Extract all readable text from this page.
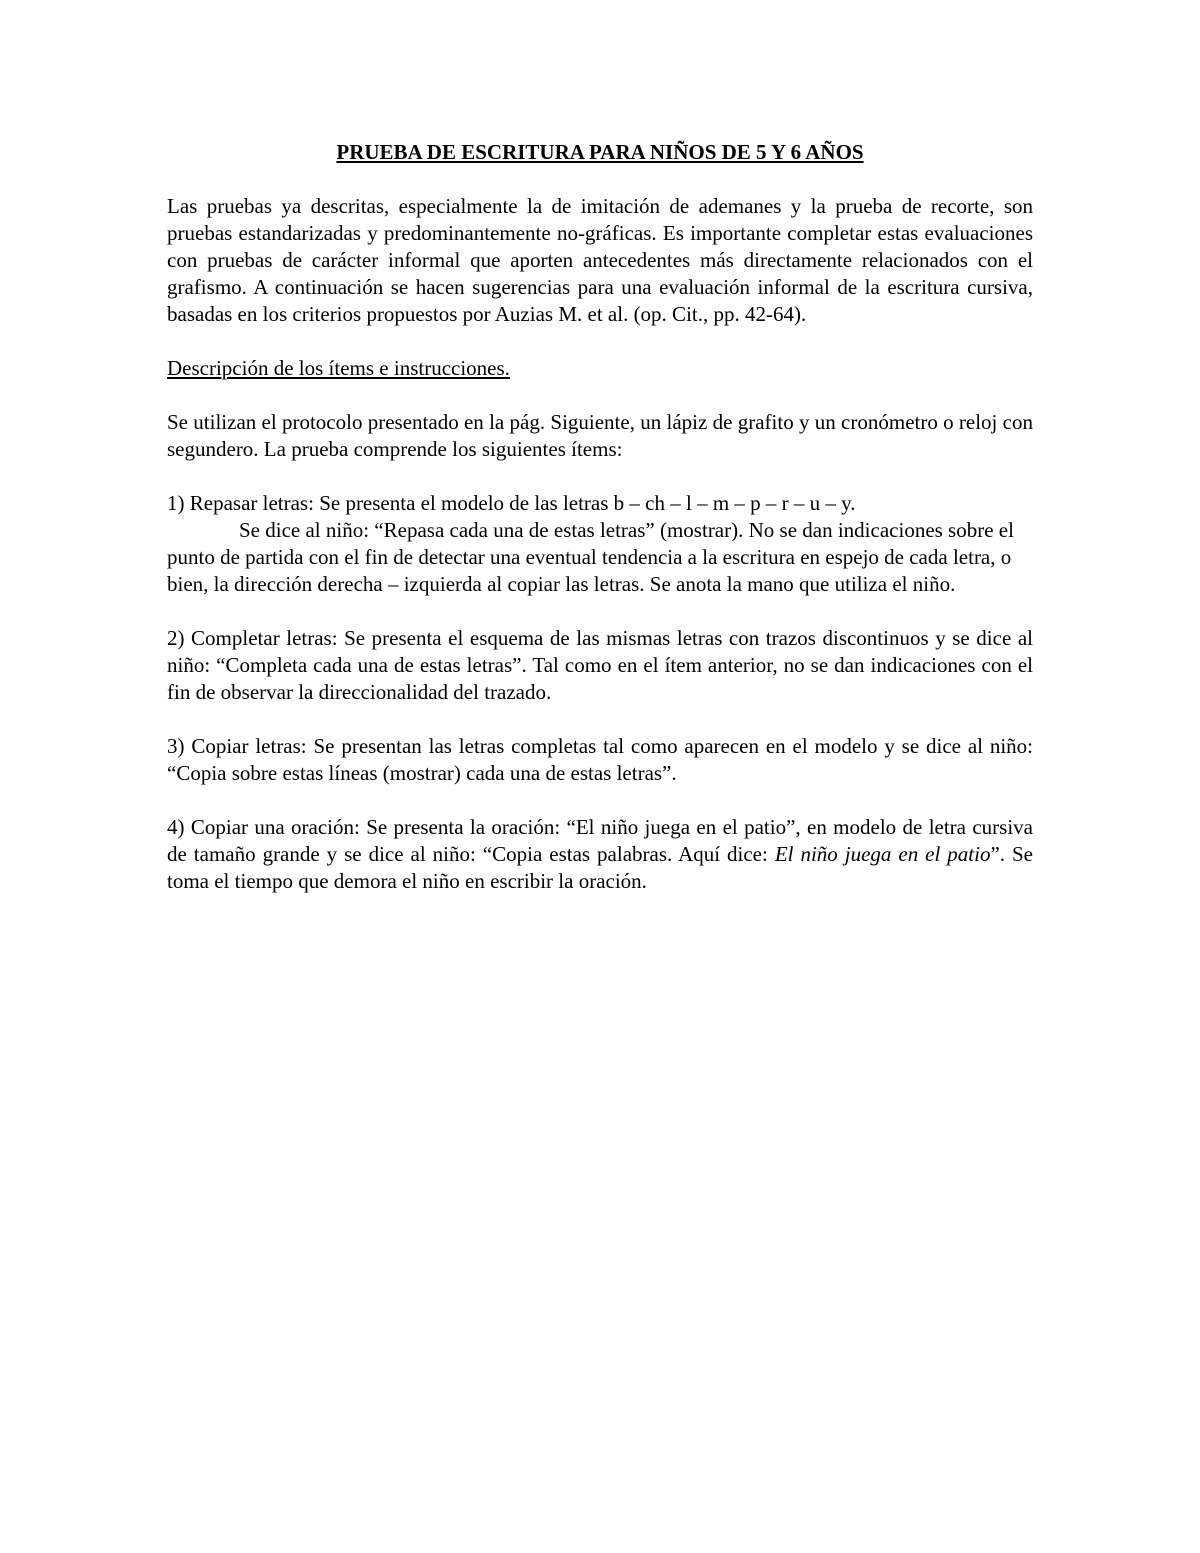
PRUEBA DE ESCRITURA PARA NIÑOS DE 5 Y 6 AÑOS

Las pruebas ya descritas, especialmente la de imitación de ademanes y la prueba de recorte, son pruebas estandarizadas y predominantemente no-gráficas. Es importante completar estas evaluaciones con pruebas de carácter informal que aporten antecedentes más directamente relacionados con el grafismo. A continuación se hacen sugerencias para una evaluación informal de la escritura cursiva, basadas en los criterios propuestos por Auzias M. et al. (op. Cit., pp. 42-64).

Descripción de los ítems e instrucciones.

Se utilizan el protocolo presentado en la pág. Siguiente, un lápiz de grafito y un cronómetro o reloj con segundero. La prueba comprende los siguientes ítems:

1) Repasar letras: Se presenta el modelo de las letras b – ch – l – m – p – r – u – y.
Se dice al niño: “Repasa cada una de estas letras” (mostrar). No se dan indicaciones sobre el punto de partida con el fin de detectar una eventual tendencia a la escritura en espejo de cada letra, o bien, la dirección derecha – izquierda al copiar las letras. Se anota la mano que utiliza el niño.

2) Completar letras: Se presenta el esquema de las mismas letras con trazos discontinuos y se dice al niño: “Completa cada una de estas letras”. Tal como en el ítem anterior, no se dan indicaciones con el fin de observar la direccionalidad del trazado.

3) Copiar letras: Se presentan las letras completas tal como aparecen en el modelo y se dice al niño: “Copia sobre estas líneas (mostrar) cada una de estas letras”.

4) Copiar una oración: Se presenta la oración: “El niño juega en el patio”, en modelo de letra cursiva de tamaño grande y se dice al niño: “Copia estas palabras. Aquí dice: El niño juega en el patio”. Se toma el tiempo que demora el niño en escribir la oración.
